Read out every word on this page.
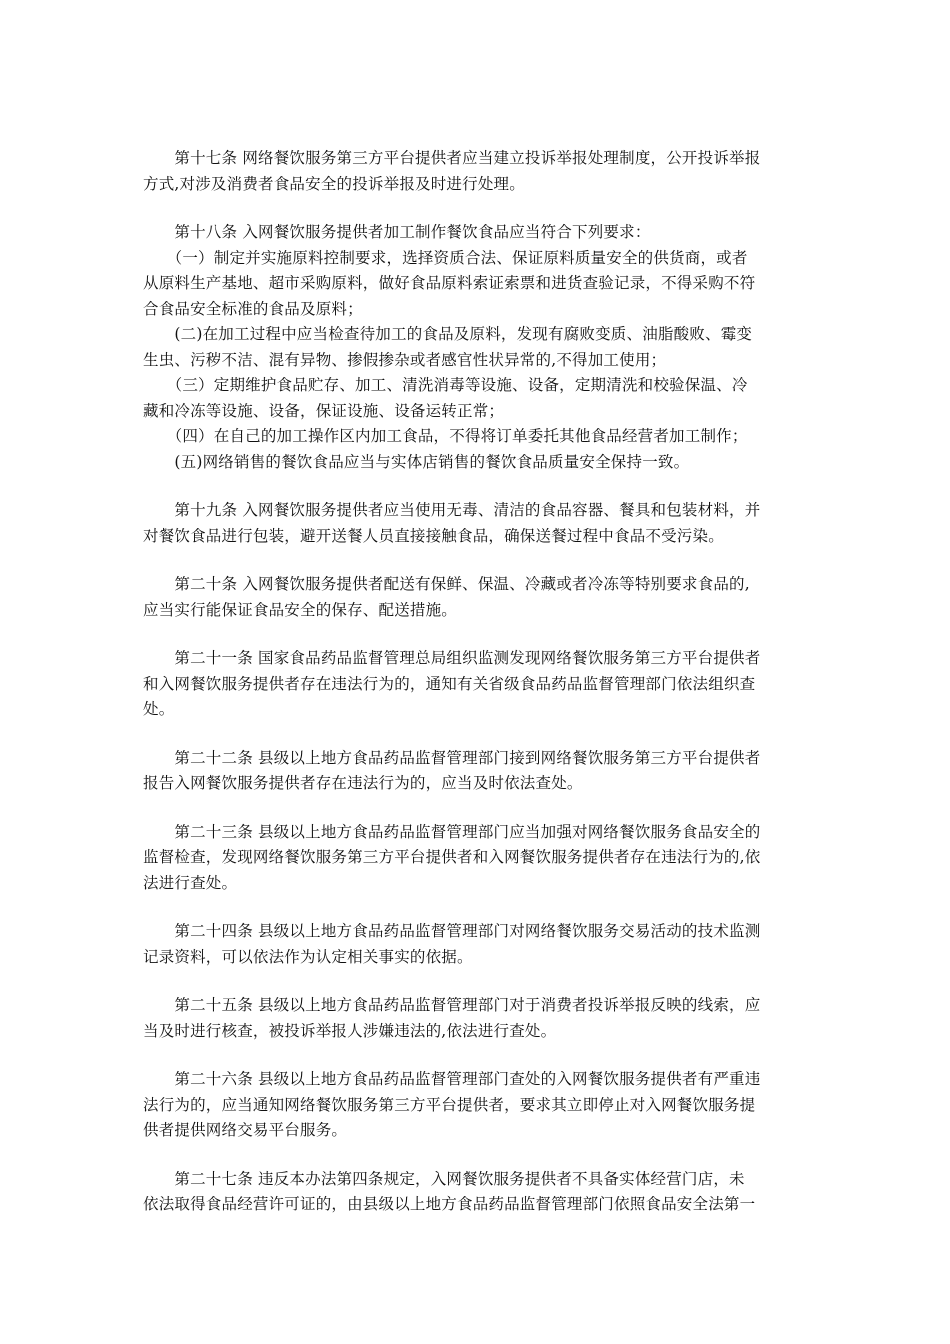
　　第十七条 网络餐饮服务第三方平台提供者应当建立投诉举报处理制度，公开投诉举报
方式,对涉及消费者食品安全的投诉举报及时进行处理。
　　第十八条 入网餐饮服务提供者加工制作餐饮食品应当符合下列要求：
　　（一）制定并实施原料控制要求，选择资质合法、保证原料质量安全的供货商，或者
从原料生产基地、超市采购原料，做好食品原料索证索票和进货查验记录，不得采购不符
合食品安全标准的食品及原料；
　　(二)在加工过程中应当检查待加工的食品及原料，发现有腐败变质、油脂酸败、霉变
生虫、污秽不洁、混有异物、掺假掺杂或者感官性状异常的,不得加工使用；
　　（三）定期维护食品贮存、加工、清洗消毒等设施、设备，定期清洗和校验保温、冷
藏和冷冻等设施、设备，保证设施、设备运转正常；
　　（四）在自己的加工操作区内加工食品，不得将订单委托其他食品经营者加工制作；
　　(五)网络销售的餐饮食品应当与实体店销售的餐饮食品质量安全保持一致。
　　第十九条 入网餐饮服务提供者应当使用无毒、清洁的食品容器、餐具和包装材料，并
对餐饮食品进行包装，避开送餐人员直接接触食品，确保送餐过程中食品不受污染。
　　第二十条 入网餐饮服务提供者配送有保鲜、保温、冷藏或者冷冻等特别要求食品的,
应当实行能保证食品安全的保存、配送措施。
　　第二十一条 国家食品药品监督管理总局组织监测发现网络餐饮服务第三方平台提供者
和入网餐饮服务提供者存在违法行为的，通知有关省级食品药品监督管理部门依法组织查
处。
　　第二十二条 县级以上地方食品药品监督管理部门接到网络餐饮服务第三方平台提供者
报告入网餐饮服务提供者存在违法行为的，应当及时依法查处。
　　第二十三条 县级以上地方食品药品监督管理部门应当加强对网络餐饮服务食品安全的
监督检查，发现网络餐饮服务第三方平台提供者和入网餐饮服务提供者存在违法行为的,依
法进行查处。
　　第二十四条 县级以上地方食品药品监督管理部门对网络餐饮服务交易活动的技术监测
记录资料，可以依法作为认定相关事实的依据。
　　第二十五条 县级以上地方食品药品监督管理部门对于消费者投诉举报反映的线索，应
当及时进行核查，被投诉举报人涉嫌违法的,依法进行查处。
　　第二十六条 县级以上地方食品药品监督管理部门查处的入网餐饮服务提供者有严重违
法行为的，应当通知网络餐饮服务第三方平台提供者，要求其立即停止对入网餐饮服务提
供者提供网络交易平台服务。
　　第二十七条 违反本办法第四条规定，入网餐饮服务提供者不具备实体经营门店，未
依法取得食品经营许可证的，由县级以上地方食品药品监督管理部门依照食品安全法第一
